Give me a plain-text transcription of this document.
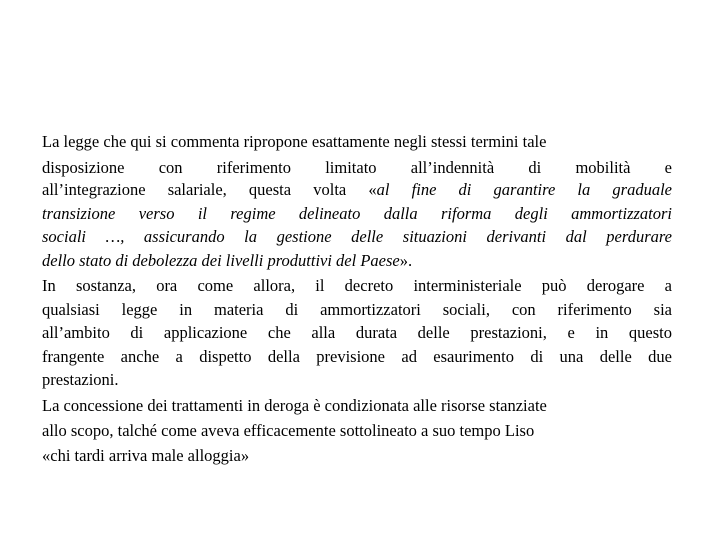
La legge che qui si commenta ripropone esattamente negli stessi termini tale
disposizione con riferimento limitato all’indennità di mobilità e
all’integrazione salariale, questa volta «al fine di garantire la graduale
transizione verso il regime delineato dalla riforma degli ammortizzatori
sociali …, assicurando la gestione delle situazioni derivanti dal perdurare
dello stato di debolezza dei livelli produttivi del Paese».
In sostanza, ora come allora, il decreto interministeriale può derogare a
qualsiasi legge in materia di ammortizzatori sociali, con riferimento sia
all’ambito di applicazione che alla durata delle prestazioni, e in questo
frangente anche a dispetto della previsione ad esaurimento di una delle due
prestazioni.
La concessione dei trattamenti in deroga è condizionata alle risorse stanziate
allo scopo, talché come aveva efficacemente sottolineato a suo tempo Liso
«chi tardi arriva male alloggia»
